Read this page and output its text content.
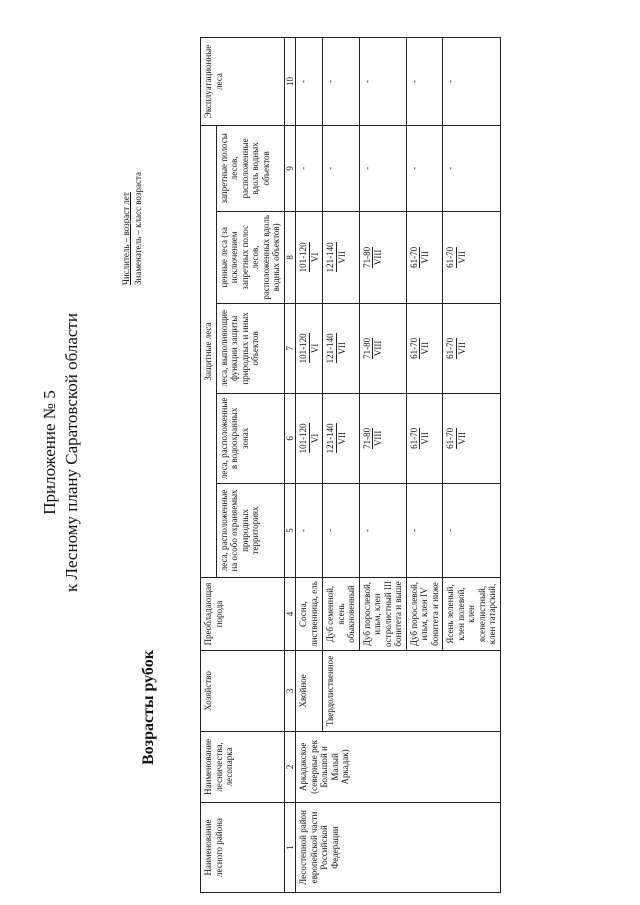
Приложение № 5 к Лесному плану Саратовской области
Возрасты рубок
Числитель – возраст лет Знаменатель – класс возраста
Наименование лесного района	Наименование лесничества, лесопарка	Хозяйство	Преобладающая порода	Защитные леса					Эксплуатационные леса
				леса, расположенные на особо охраняемых природных территориях	леса, расположенные в водоохранных зонах	леса, выполняющие функции защиты природных и иных объектов	ценные леса (за исключением запретных полос лесов, расположенных вдоль водных объектов)	запретные полосы лесов, расположенные вдоль водных объектов	
1	2	3	4	5	6	7	8	9	10
Лесостепной район европейской части Российской Федерации	Аркадакское (северные рек Большой и Малый Аркадак)	Хвойное	Сосна, лиственница, ель	-	101-120 VI	101-120 VI	101-120 VI	-	-
		Твердолиственное	Дуб семенной, ясень обыкновенный	-	121-140 VII	121-140 VII	121-140 VII	-	-
			Дуб порослевой, ильм, клен остролистный III бонитета и выше	-	71-80 VIII	71-80 VIII	71-80 VIII	-	-
			Дуб порослевой, ильм, клен IV бонитета и ниже	-	61-70 VII	61-70 VII	61-70 VII	-	-
			Ясень зеленый, клен полевой, клен ясенелистный, клен татарский,	-	61-70 VII	61-70 VII	61-70 VII	-	-
